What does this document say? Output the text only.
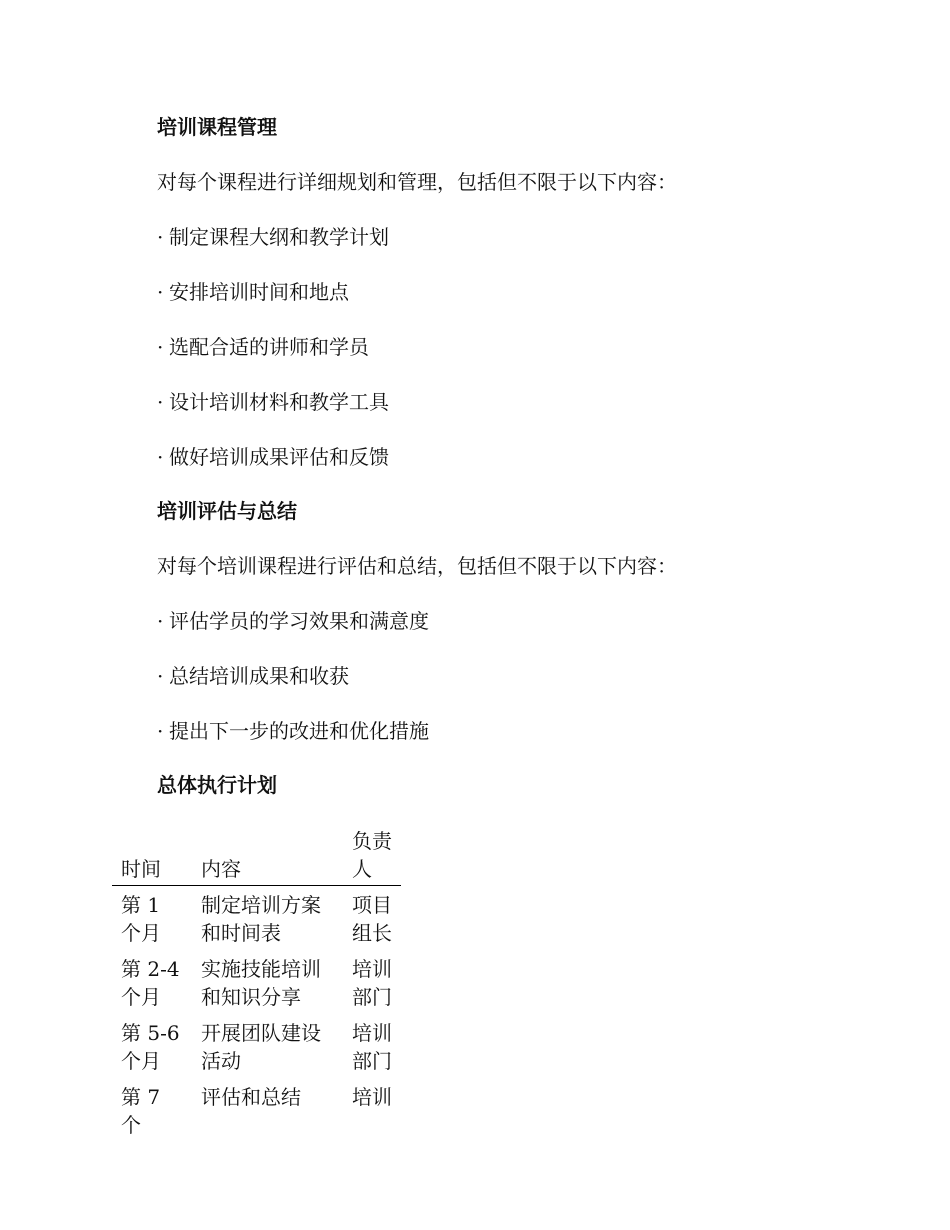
培训课程管理
对每个课程进行详细规划和管理，包括但不限于以下内容：
· 制定课程大纲和教学计划
· 安排培训时间和地点
· 选配合适的讲师和学员
· 设计培训材料和教学工具
· 做好培训成果评估和反馈
培训评估与总结
对每个培训课程进行评估和总结，包括但不限于以下内容：
· 评估学员的学习效果和满意度
· 总结培训成果和收获
· 提出下一步的改进和优化措施
总体执行计划
时间	内容	负责人
第 1 个月	制定培训方案和时间表	项目组长
第 2-4 个月	实施技能培训和知识分享	培训部门
第 5-6 个月	开展团队建设活动	培训部门
第 7 个	评估和总结	培训
